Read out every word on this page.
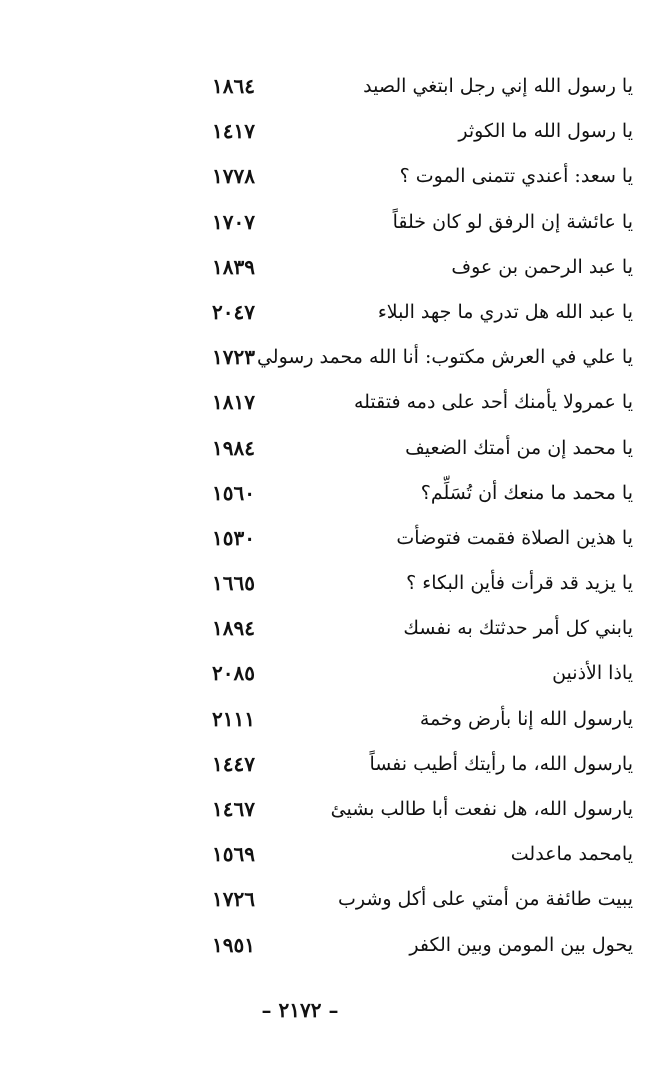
يا رسول الله إني رجل ابتغي الصيد
١٨٦٤
يا رسول الله ما الكوثر
١٤١٧
يا سعد: أعندي تتمنى الموت ؟
١٧٧٨
يا عائشة إن الرفق لو كان خلقاً
١٧٠٧
يا عبد الرحمن بن عوف
١٨٣٩
يا عبد الله هل تدري ما جهد البلاء
٢٠٤٧
يا علي في العرش مكتوب: أنا الله محمد رسولي
١٧٢٣
يا عمرولا يأمنك أحد على دمه فتقتله
١٨١٧
يا محمد إن من أمتك الضعيف
١٩٨٤
يا محمد ما منعك أن تُسَلِّم؟
١٥٦٠
يا هذين الصلاة فقمت فتوضأت
١٥٣٠
يا يزيد قد قرأت فأين البكاء ؟
١٦٦٥
يابني كل أمر حدثتك به نفسك
١٨٩٤
ياذا الأذنين
٢٠٨٥
يارسول الله إنا بأرض وخمة
٢١١١
يارسول الله، ما رأيتك أطيب نفساً
١٤٤٧
يارسول الله، هل نفعت أبا طالب بشيئ
١٤٦٧
يامحمد ماعدلت
١٥٦٩
يبيت طائفة من أمتي على أكل وشرب
١٧٢٦
يحول بين المومن وبين الكفر
١٩٥١
– ٢١٧٢ –
